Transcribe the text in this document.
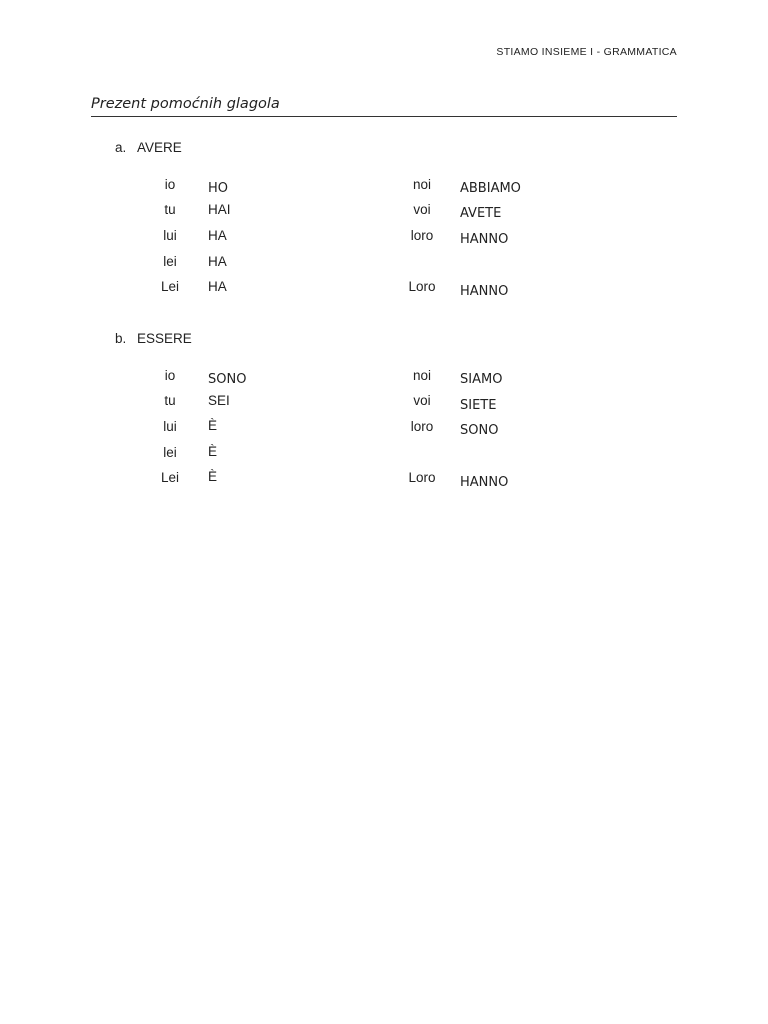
STIAMO INSIEME I - GRAMMATICA
Prezent pomoćnih glagola
a. AVERE
io	HO	noi	ABBIAMO
tu	HAI	voi	AVETE
lui	HA	loro	HANNO
lei	HA
Lei	HA	Loro	HANNO
b. ESSERE
io	SONO	noi	SIAMO
tu	SEI	voi	SIETE
lui	È	loro	SONO
lei	È
Lei	È	Loro	HANNO
